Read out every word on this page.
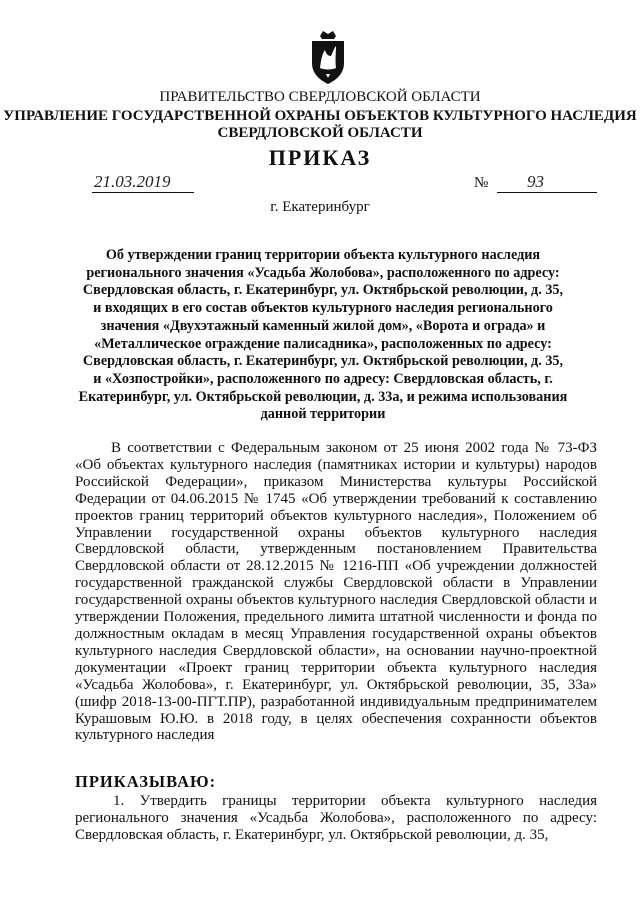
ПРАВИТЕЛЬСТВО СВЕРДЛОВСКОЙ ОБЛАСТИ
УПРАВЛЕНИЕ ГОСУДАРСТВЕННОЙ ОХРАНЫ ОБЪЕКТОВ КУЛЬТУРНОГО НАСЛЕДИЯ
СВЕРДЛОВСКОЙ ОБЛАСТИ
ПРИКАЗ
21.03.2019	№	93
г. Екатеринбург
Об утверждении границ территории объекта культурного наследия регионального значения «Усадьба Жолобова», расположенного по адресу: Свердловская область, г. Екатеринбург, ул. Октябрьской революции, д. 35, и входящих в его состав объектов культурного наследия регионального значения «Двухэтажный каменный жилой дом», «Ворота и ограда» и «Металлическое ограждение палисадника», расположенных по адресу: Свердловская область, г. Екатеринбург, ул. Октябрьской революции, д. 35, и «Хозпостройки», расположенного по адресу: Свердловская область, г. Екатеринбург, ул. Октябрьской революции, д. 33а, и режима использования данной территории
В соответствии с Федеральным законом от 25 июня 2002 года № 73-ФЗ «Об объектах культурного наследия (памятниках истории и культуры) народов Российской Федерации», приказом Министерства культуры Российской Федерации от 04.06.2015 № 1745 «Об утверждении требований к составлению проектов границ территорий объектов культурного наследия», Положением об Управлении государственной охраны объектов культурного наследия Свердловской области, утвержденным постановлением Правительства Свердловской области от 28.12.2015 № 1216-ПП «Об учреждении должностей государственной гражданской службы Свердловской области в Управлении государственной охраны объектов культурного наследия Свердловской области и утверждении Положения, предельного лимита штатной численности и фонда по должностным окладам в месяц Управления государственной охраны объектов культурного наследия Свердловской области», на основании научно-проектной документации «Проект границ территории объекта культурного наследия «Усадьба Жолобова», г. Екатеринбург, ул. Октябрьской революции, 35, 33а» (шифр 2018-13-00-ПГТ.ПР), разработанной индивидуальным предпринимателем Курашовым Ю.Ю. в 2018 году, в целях обеспечения сохранности объектов культурного наследия
ПРИКАЗЫВАЮ:
1. Утвердить границы территории объекта культурного наследия регионального значения «Усадьба Жолобова», расположенного по адресу: Свердловская область, г. Екатеринбург, ул. Октябрьской революции, д. 35,
